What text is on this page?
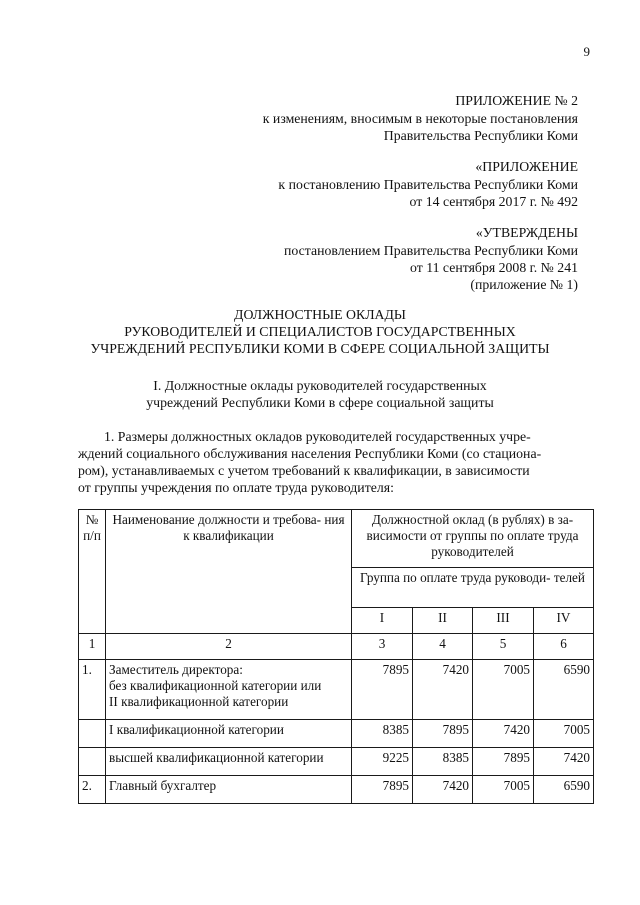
9
ПРИЛОЖЕНИЕ № 2
к изменениям, вносимым в некоторые постановления
Правительства Республики Коми
«ПРИЛОЖЕНИЕ
к постановлению Правительства Республики Коми
от 14 сентября 2017 г. № 492
«УТВЕРЖДЕНЫ
постановлением Правительства Республики Коми
от 11 сентября 2008 г. № 241
(приложение № 1)
ДОЛЖНОСТНЫЕ ОКЛАДЫ
РУКОВОДИТЕЛЕЙ И СПЕЦИАЛИСТОВ ГОСУДАРСТВЕННЫХ
УЧРЕЖДЕНИЙ РЕСПУБЛИКИ КОМИ В СФЕРЕ СОЦИАЛЬНОЙ ЗАЩИТЫ
I. Должностные оклады руководителей государственных
учреждений Республики Коми в сфере социальной защиты
1. Размеры должностных окладов руководителей государственных учре-
ждений социального обслуживания населения Республики Коми (со стациона-
ром), устанавливаемых с учетом требований к квалификации, в зависимости
от группы учреждения по оплате труда руководителя:
№ п/п	Наименование должности и требова- ния к квалификации	Должностной оклад (в рублях) в за- висимости от группы по оплате труда руководителей			
		Группа по оплате труда руководи- телей			
		I	II	III	IV
1	2	3	4	5	6
1.	Заместитель директора:
без квалификационной категории или
II квалификационной категории	7895	7420	7005	6590
	I квалификационной категории	8385	7895	7420	7005
	высшей квалификационной категории	9225	8385	7895	7420
2.	Главный бухгалтер	7895	7420	7005	6590
